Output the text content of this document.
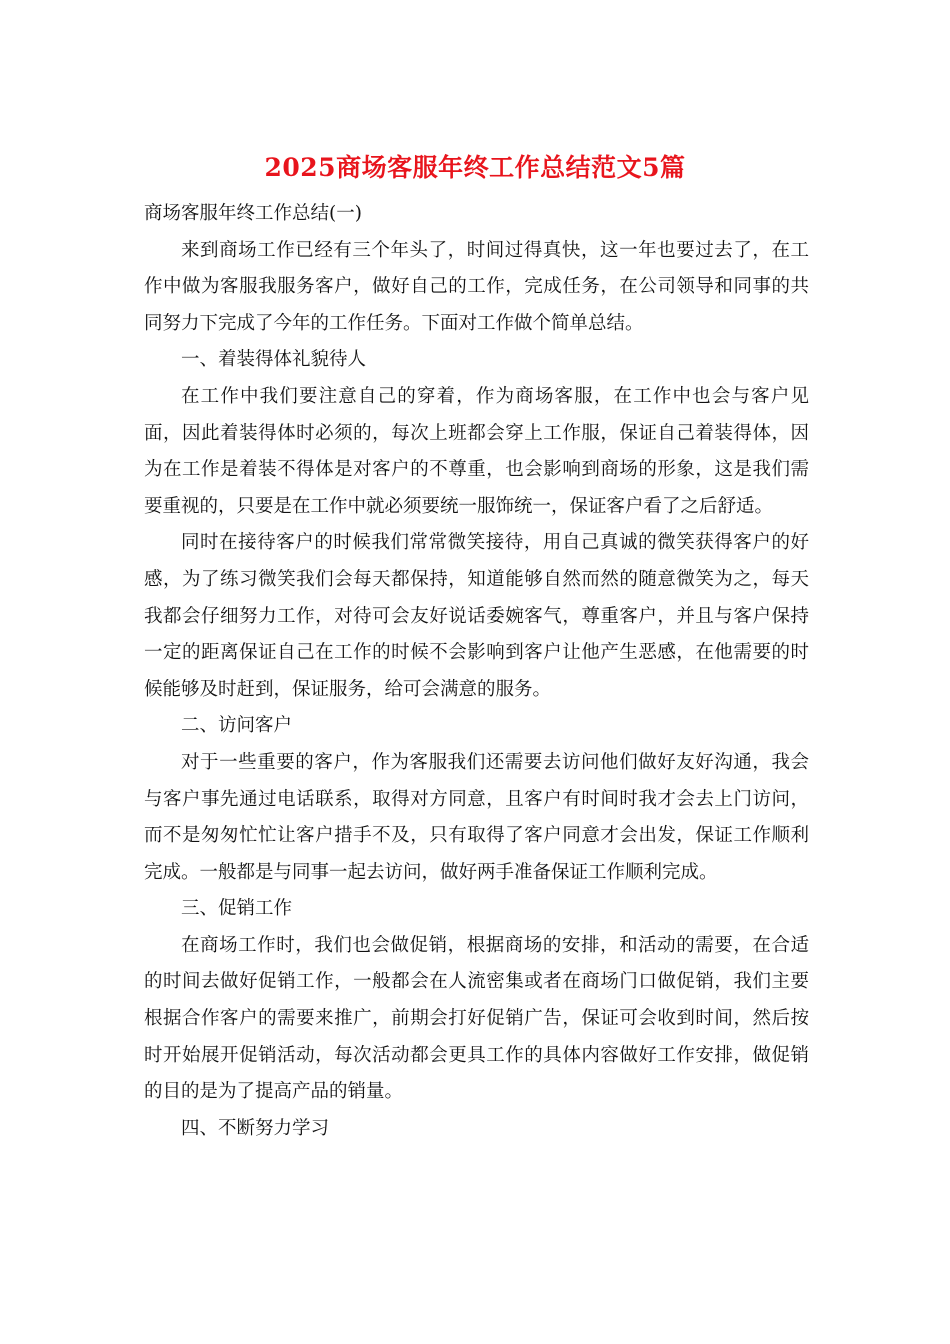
2025商场客服年终工作总结范文5篇

商场客服年终工作总结(一)

来到商场工作已经有三个年头了，时间过得真快，这一年也要过去了，在工作中做为客服我服务客户，做好自己的工作，完成任务，在公司领导和同事的共同努力下完成了今年的工作任务。下面对工作做个简单总结。

一、着装得体礼貌待人

在工作中我们要注意自己的穿着，作为商场客服，在工作中也会与客户见面，因此着装得体时必须的，每次上班都会穿上工作服，保证自己着装得体，因为在工作是着装不得体是对客户的不尊重，也会影响到商场的形象，这是我们需要重视的，只要是在工作中就必须要统一服饰统一，保证客户看了之后舒适。

同时在接待客户的时候我们常常微笑接待，用自己真诚的微笑获得客户的好感，为了练习微笑我们会每天都保持，知道能够自然而然的随意微笑为之，每天我都会仔细努力工作，对待可会友好说话委婉客气，尊重客户，并且与客户保持一定的距离保证自己在工作的时候不会影响到客户让他产生恶感，在他需要的时候能够及时赶到，保证服务，给可会满意的服务。

二、访问客户

对于一些重要的客户，作为客服我们还需要去访问他们做好友好沟通，我会与客户事先通过电话联系，取得对方同意，且客户有时间时我才会去上门访问，而不是匆匆忙忙让客户措手不及，只有取得了客户同意才会出发，保证工作顺利完成。一般都是与同事一起去访问，做好两手准备保证工作顺利完成。

三、促销工作

在商场工作时，我们也会做促销，根据商场的安排，和活动的需要，在合适的时间去做好促销工作，一般都会在人流密集或者在商场门口做促销，我们主要根据合作客户的需要来推广，前期会打好促销广告，保证可会收到时间，然后按时开始展开促销活动，每次活动都会更具工作的具体内容做好工作安排，做促销的目的是为了提高产品的销量。

四、不断努力学习
